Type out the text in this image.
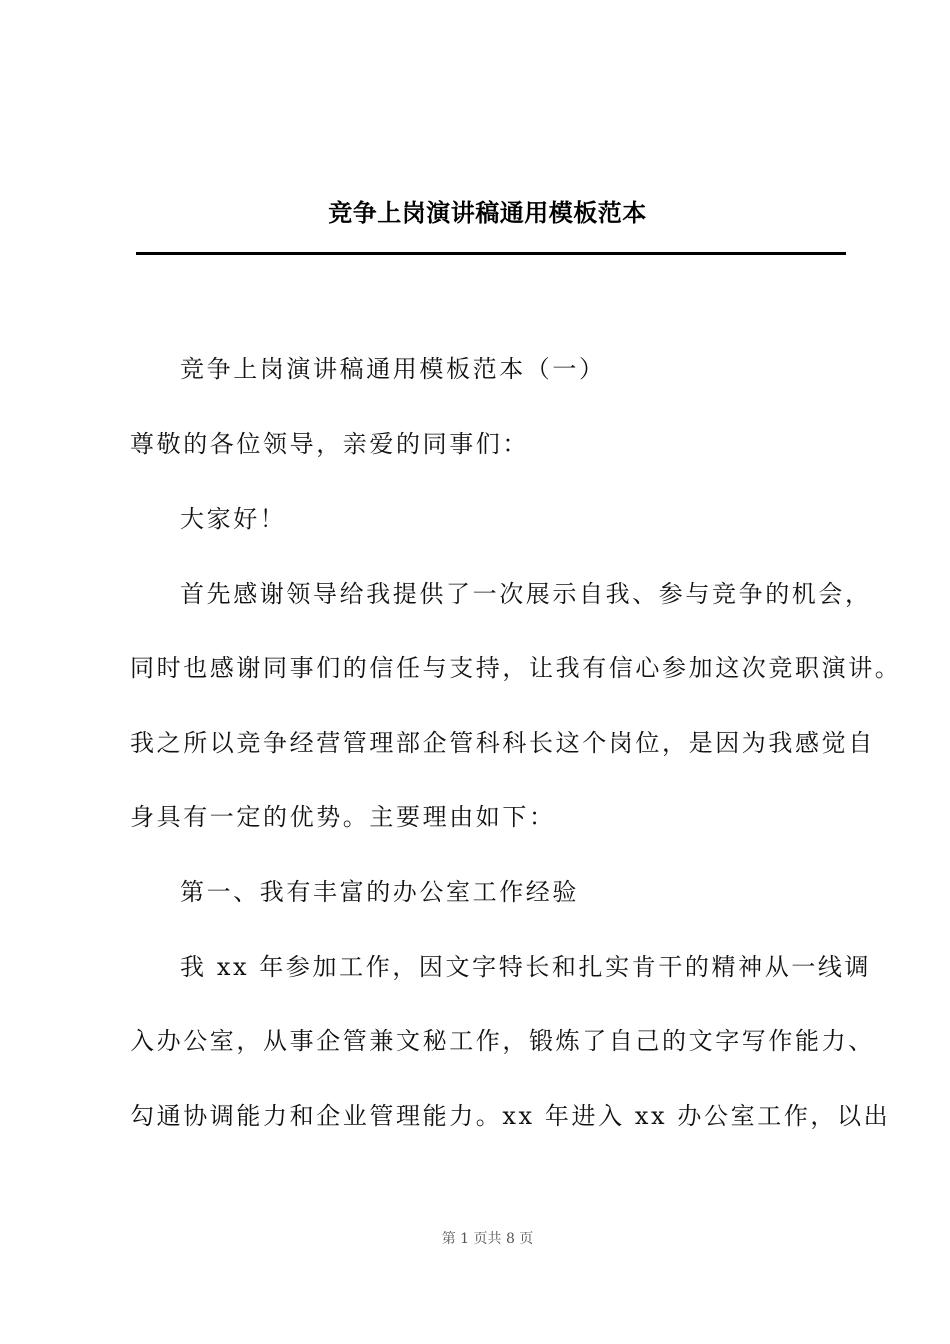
竞争上岗演讲稿通用模板范本
竞争上岗演讲稿通用模板范本（一）
尊敬的各位领导，亲爱的同事们：
大家好！
首先感谢领导给我提供了一次展示自我、参与竞争的机会，
同时也感谢同事们的信任与支持，让我有信心参加这次竞职演讲。
我之所以竞争经营管理部企管科科长这个岗位，是因为我感觉自
身具有一定的优势。主要理由如下：
第一、我有丰富的办公室工作经验
我 xx 年参加工作，因文字特长和扎实肯干的精神从一线调
入办公室，从事企管兼文秘工作，锻炼了自己的文字写作能力、
勾通协调能力和企业管理能力。xx 年进入 xx 办公室工作，以出
第 1 页共 8 页
